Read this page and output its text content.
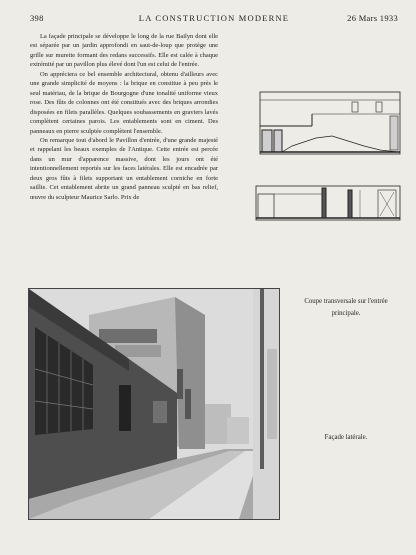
398	LA CONSTRUCTION MODERNE	26 Mars 1933

La façade principale se développe le long de la rue Bailyn dont elle est séparée par un jardin approfondi en saut-de-loup que protège une grille sur murette formant des redans successifs. Elle est calée à chaque extrémité par un pavillon plus élevé dont l'un est celui de l'entrée.

On appréciera ce bel ensemble architectural, obtenu d'ailleurs avec une grande simplicité de moyens : la brique en constitue à peu près le seul matériau, de la brique de Bourgogne d'une tonalité uniforme vieux rose. Des fûts de colonnes ont été constitués avec des briques arrondies disposées en filets parallèles. Quelques soubassements en graviers lavés complètent certaines parois. Les entablements sont en ciment. Des panneaux en pierre sculptée complètent l'ensemble.

On remarque tout d'abord le Pavillon d'entrée, d'une grande majesté et rappelant les beaux exemples de l'Antique. Cette entrée est percée dans un mur d'apparence massive, dont les jours ont été intentionnellement reportés sur les faces latérales. Elle est encadrée par deux gros fûts à filets supportant un entablement corniche en forte saillie. Cet entablement abrite un grand panneau sculpté en bas relief, œuvre du sculpteur Maurice Sarlo. Prix de

Coupe transversale sur l'entrée principale.
Façade latérale.
